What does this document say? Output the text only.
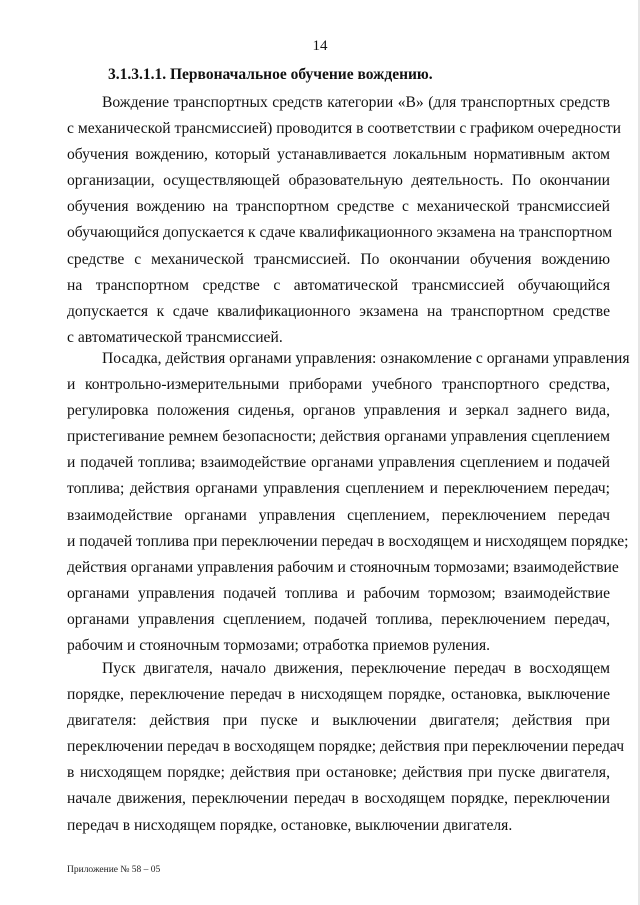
14
3.1.3.1.1. Первоначальное обучение вождению.
Вождение транспортных средств категории «В» (для транспортных средств
с механической трансмиссией) проводится в соответствии с графиком очередности
обучения вождению, который устанавливается локальным нормативным актом
организации, осуществляющей образовательную деятельность. По окончании
обучения вождению на транспортном средстве с механической трансмиссией
обучающийся допускается к сдаче квалификационного экзамена на транспортном
средстве с механической трансмиссией. По окончании обучения вождению
на транспортном средстве с автоматической трансмиссией обучающийся
допускается к сдаче квалификационного экзамена на транспортном средстве
с автоматической трансмиссией.
Посадка, действия органами управления: ознакомление с органами управления
и контрольно-измерительными приборами учебного транспортного средства,
регулировка положения сиденья, органов управления и зеркал заднего вида,
пристегивание ремнем безопасности; действия органами управления сцеплением
и подачей топлива; взаимодействие органами управления сцеплением и подачей
топлива; действия органами управления сцеплением и переключением передач;
взаимодействие органами управления сцеплением, переключением передач
и подачей топлива при переключении передач в восходящем и нисходящем порядке;
действия органами управления рабочим и стояночным тормозами; взаимодействие
органами управления подачей топлива и рабочим тормозом; взаимодействие
органами управления сцеплением, подачей топлива, переключением передач,
рабочим и стояночным тормозами; отработка приемов руления.
Пуск двигателя, начало движения, переключение передач в восходящем
порядке, переключение передач в нисходящем порядке, остановка, выключение
двигателя: действия при пуске и выключении двигателя; действия при
переключении передач в восходящем порядке; действия при переключении передач
в нисходящем порядке; действия при остановке; действия при пуске двигателя,
начале движения, переключении передач в восходящем порядке, переключении
передач в нисходящем порядке, остановке, выключении двигателя.
Приложение № 58 – 05
